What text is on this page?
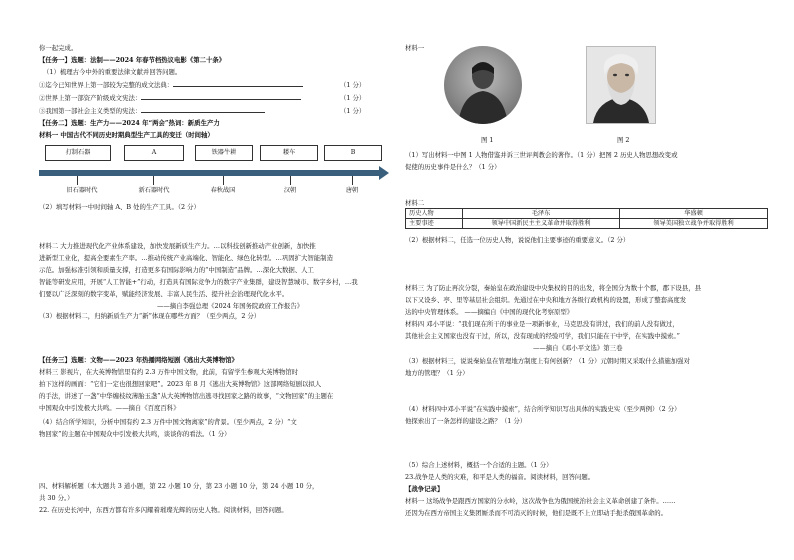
你一起完成。
【任务一】选题：法制——2024 年春节档热议电影《第二十条》
（1）梳理古今中外的重要法律文献并回答问题。
①迄今已知世界上第一部较为完整的成文法典：	（1 分）
②世界上第一部资产阶级成文宪法：	（1 分）
③我国第一部社会主义类型的宪法：	（1 分）
【任务二】选题：生产力——2024 年“两会”热词：新质生产力
材料一 中国古代不同历史时期典型生产工具的变迁（时间轴）
打制石器	A	铁器牛耕	耧车	B
旧石器时代	新石器时代	春秋战国	汉朝	唐朝
（2）填写材料一中时间轴 A、B 处的生产工具。（2 分）
材料二 大力推进现代化产业体系建设，加快发展新质生产力。…以科技创新推动产业创新，加快推
进新型工业化，提高全要素生产率。…推动传统产业高端化、智能化、绿色化转型。…巩固扩大智能制造
示范。加强标准引领和质量支撑，打造更多有国际影响力的“中国制造”品牌。…深化大数据、人工
智能等研发应用，开展“人工智能+”行动，打造具有国际竞争力的数字产业集群，建设智慧城市、数字乡村，…我
们要以广泛深刻的数字变革，赋能经济发展、丰富人民生活、提升社会治理现代化水平。
——摘自李强总理《2024 年国务院政府工作报告》
（3）根据材料二，归纳新质生产力“新”体现在哪些方面？（至少两点，2 分）
【任务三】选题：文物——2023 年热播网络短剧《逃出大英博物馆》
材料三 影视片，在大英博物馆里有约 2.3 万件中国文物，此前，有留学生参观大英博物馆时
拍下这样的画面：“它们一定也很想回家吧”。2023 年 8 月《逃出大英博物馆》这部网络短剧以拟人
的手法，讲述了一盏“中华缠枝纹薄胎玉盏”从大英博物馆出逃寻找回家之路的故事，“文物回家”的主题在
中国观众中引发极大共鸣。——摘自《百度百科》
（4）结合所学知识，分析中国有约 2.3 万件中国文物离家”的背景。（至少两点，2 分）“文
物回家”的主题在中国观众中引发极大共鸣，谈谈你的看法。（1 分）
四、材料解析题（本大题共 3 道小题，第 22 小题 10 分，第 23 小题 10 分，第 24 小题 10 分，
共 30 分。）
22. 在历史长河中，东西方都有许多闪耀着璀璨光辉的历史人物。阅读材料，回答问题。
材料一
图 1	图 2
（1）写出材料一中图 1 人物借鉴并诉三世评判教会的著作。（1 分）把图 2 历史人物思想改变或
促使的历史事件是什么？（1 分）
材料二
历史人物	毛泽东	华盛顿
主要事迹	领导中国新民主主义革命并取得胜利	领导美国独立战争并取得胜利
（2）根据材料二，任选一位历史人物，说说他们主要事迹的重要意义。（2 分）
材料三 为了防止再次分裂，秦始皇在政治建设中央集权的目的出发，将全国分为数十个郡，郡下设县，县
以下又设乡、亭、里等基层社会组织。先通过在中央和地方各级行政机构的设置，形成了整套高度发
达的中央管理体系。 ——摘编自《中国的现代化考察原型》
材料四 邓小平说：“我们现在所干的事业是一项新事业，马克思没有讲过，我们的前人没有做过，
其他社会主义国家也没有干过，所以，没有现成的经验可学，我们只能在干中学，在实践中摸索。”
——摘自《邓小平文选》第三卷
（3）根据材料三，说说秦始皇在管理地方制度上有何创新？（1 分）元朝时期又采取什么措施加强对
地方的管理？（1 分）
（4）材料四中邓小平说“在实践中摸索”，结合所学知识写出具体的实践史实（至少两例）（2 分）
他探索出了一条怎样的建设之路？（1 分）
（5）综合上述材料，概括一个合适的主题。（1 分）
23.战争是人类的灾难，和平是人类的福音。阅读材料，回答问题。
【战争记录】
材料一 这场战争是跟西方国家的分水岭，这次战争也为俄国统治社会主义革命创建了条件。……
还因为在西方帝国主义集团厮杀而不可消灭的时候，他们是既不上立即动手扼杀俄国革命的。
